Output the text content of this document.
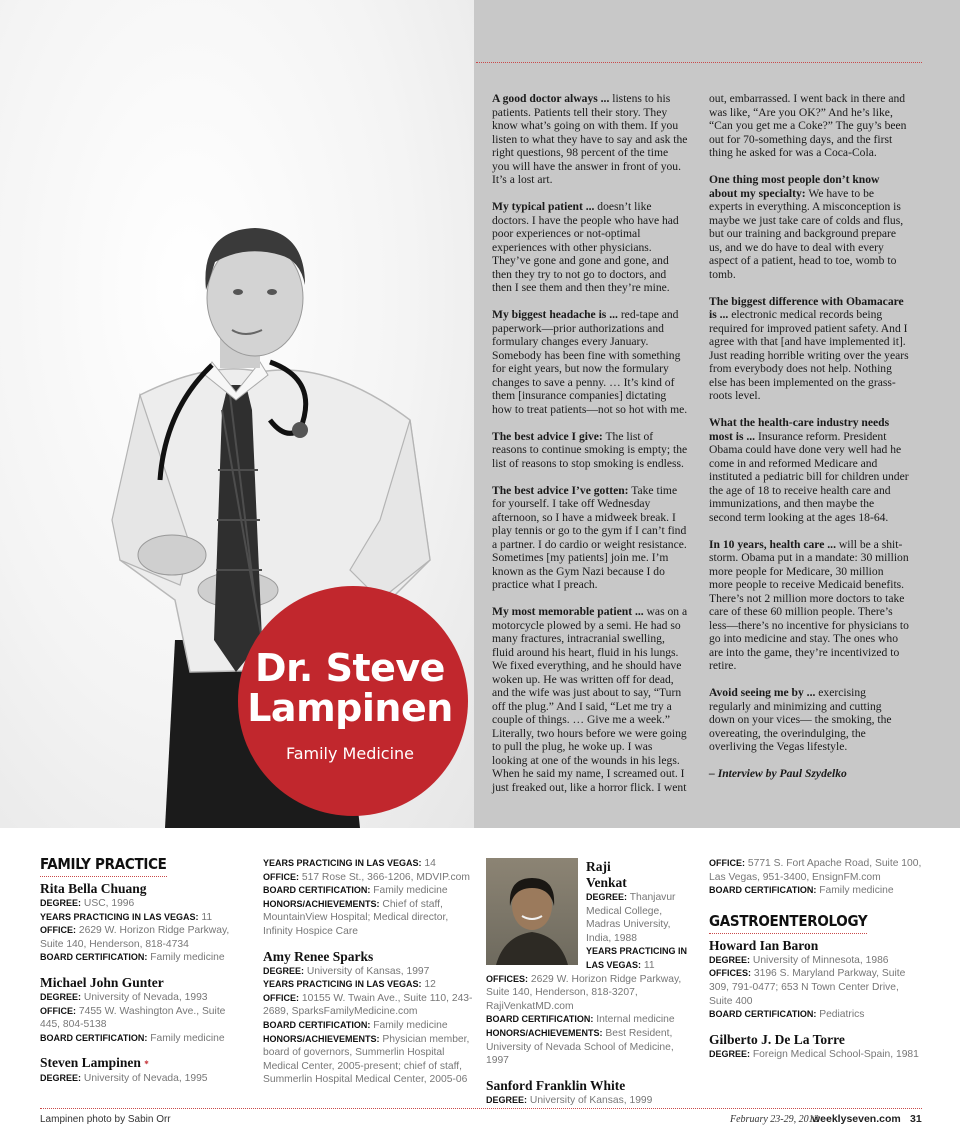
A good doctor always ... listens to his patients. Patients tell their story. They know what’s going on with them. If you listen to what they have to say and ask the right questions, 98 percent of the time you will have the answer in front of you. It’s a lost art.

My typical patient ... doesn’t like doctors. I have the people who have had poor experiences or not-optimal experiences with other physicians. They’ve gone and gone and gone, and then they try to not go to doctors, and then I see them and then they’re mine.

My biggest headache is ... red-tape and paperwork—prior authorizations and formulary changes every January. Somebody has been fine with something for eight years, but now the formulary changes to save a penny. … It’s kind of them [insurance companies] dictating how to treat patients—not so hot with me.

The best advice I give: The list of reasons to continue smoking is empty; the list of reasons to stop smoking is endless.

The best advice I’ve gotten: Take time for yourself. I take off Wednesday afternoon, so I have a midweek break. I play tennis or go to the gym if I can’t find a partner. I do cardio or weight resistance. Sometimes [my patients] join me. I’m known as the Gym Nazi because I do practice what I preach.

My most memorable patient ... was on a motorcycle plowed by a semi. He had so many fractures, intracranial swelling, fluid around his heart, fluid in his lungs. We fixed everything, and he should have woken up. He was written off for dead, and the wife was just about to say, “Turn off the plug.” And I said, “Let me try a couple of things. … Give me a week.” Literally, two hours before we were going to pull the plug, he woke up. I was looking at one of the wounds in his legs. When he said my name, I screamed out. I just freaked out, like a horror flick. I went

out, embarrassed. I went back in there and was like, “Are you OK?” And he’s like, “Can you get me a Coke?” The guy’s been out for 70-something days, and the first thing he asked for was a Coca-Cola.

One thing most people don’t know about my specialty: We have to be experts in everything. A misconception is maybe we just take care of colds and flus, but our training and background prepare us, and we do have to deal with every aspect of a patient, head to toe, womb to tomb.

The biggest difference with Obamacare is ... electronic medical records being required for improved patient safety. And I agree with that [and have implemented it]. Just reading horrible writing over the years from everybody does not help. Nothing else has been implemented on the grass-roots level.

What the health-care industry needs most is ... Insurance reform. President Obama could have done very well had he come in and reformed Medicare and instituted a pediatric bill for children under the age of 18 to receive health care and immunizations, and then maybe the second term looking at the ages 18-64.

In 10 years, health care ... will be a shit-storm. Obama put in a mandate: 30 million more people for Medicare, 30 million more people to receive Medicaid benefits. There’s not 2 million more doctors to take care of these 60 million people. There’s less—there’s no incentive for physicians to go into medicine and stay. The ones who are into the game, they’re incentivized to retire.

Avoid seeing me by ... exercising regularly and minimizing and cutting down on your vices— the smoking, the overeating, the overindulging, the overliving the Vegas lifestyle.

– Interview by Paul Szydelko

Dr. Steve
Lampinen
Family Medicine
FAMILY PRACTICE
Rita Bella Chuang
DEGREE: USC, 1996
YEARS PRACTICING IN LAS VEGAS: 11
OFFICE: 2629 W. Horizon Ridge Parkway, Suite 140, Henderson, 818-4734
BOARD CERTIFICATION: Family medicine
Michael John Gunter
DEGREE: University of Nevada, 1993
OFFICE: 7455 W. Washington Ave., Suite 445, 804-5138
BOARD CERTIFICATION: Family medicine
Steven Lampinen *
DEGREE: University of Nevada, 1995
YEARS PRACTICING IN LAS VEGAS: 14
OFFICE: 517 Rose St., 366-1206, MDVIP.com
BOARD CERTIFICATION: Family medicine
HONORS/ACHIEVEMENTS: Chief of staff, MountainView Hospital; Medical director, Infinity Hospice Care
Amy Renee Sparks
DEGREE: University of Kansas, 1997
YEARS PRACTICING IN LAS VEGAS: 12
OFFICE: 10155 W. Twain Ave., Suite 110, 243-2689, SparksFamilyMedicine.com
BOARD CERTIFICATION: Family medicine
HONORS/ACHIEVEMENTS: Physician member, board of governors, Summerlin Hospital Medical Center, 2005-present; chief of staff, Summerlin Hospital Medical Center, 2005-06
Raji
Venkat
DEGREE: Thanjavur Medical College, Madras University, India, 1988
YEARS PRACTICING IN LAS VEGAS: 11
OFFICES: 2629 W. Horizon Ridge Parkway, Suite 140, Henderson, 818-3207, RajiVenkatMD.com
BOARD CERTIFICATION: Internal medicine
HONORS/ACHIEVEMENTS: Best Resident, University of Nevada School of Medicine, 1997
Sanford Franklin White
DEGREE: University of Kansas, 1999
OFFICE: 5771 S. Fort Apache Road, Suite 100, Las Vegas, 951-3400, EnsignFM.com
BOARD CERTIFICATION: Family medicine
GASTROENTEROLOGY
Howard Ian Baron
DEGREE: University of Minnesota, 1986
OFFICES: 3196 S. Maryland Parkway, Suite 309, 791-0477; 653 N Town Center Drive, Suite 400
BOARD CERTIFICATION: Pediatrics
Gilberto J. De La Torre
DEGREE: Foreign Medical School-Spain, 1981
Lampinen photo by Sabin Orr	February 23-29, 2012
weeklyseven.com 31
